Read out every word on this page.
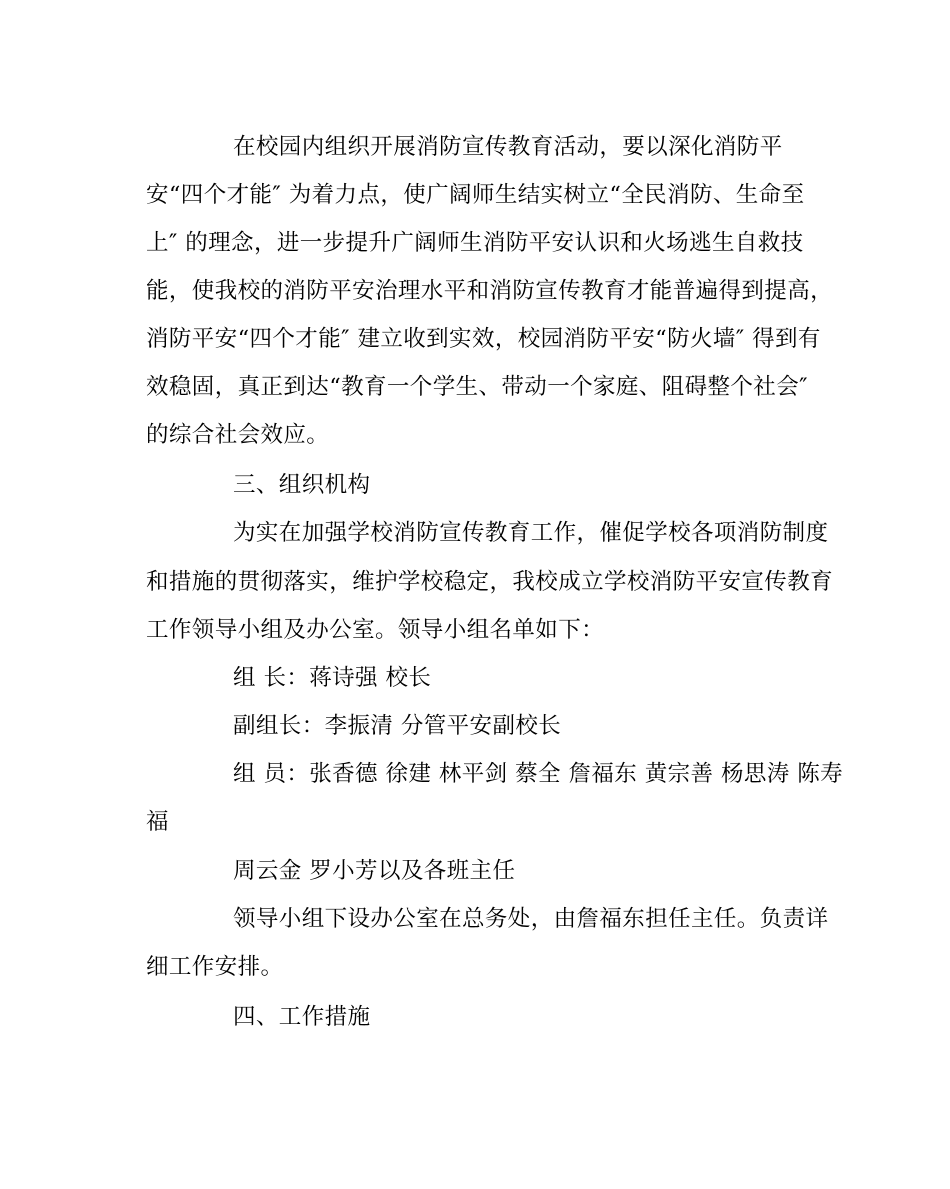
在校园内组织开展消防宣传教育活动，要以深化消防平
安“四个才能″ 为着力点，使广阔师生结实树立“全民消防、生命至
上″ 的理念，进一步提升广阔师生消防平安认识和火场逃生自救技
能，使我校的消防平安治理水平和消防宣传教育才能普遍得到提高，
消防平安“四个才能″ 建立收到实效，校园消防平安“防火墙″ 得到有
效稳固，真正到达“教育一个学生、带动一个家庭、阻碍整个社会″
的综合社会效应。
三、组织机构
为实在加强学校消防宣传教育工作，催促学校各项消防制度
和措施的贯彻落实，维护学校稳定，我校成立学校消防平安宣传教育
工作领导小组及办公室。领导小组名单如下：
组 长：蒋诗强 校长
副组长：李振清 分管平安副校长
组 员：张香德 徐建 林平剑 蔡全 詹福东 黄宗善 杨思涛 陈寿
福
周云金 罗小芳以及各班主任
领导小组下设办公室在总务处，由詹福东担任主任。负责详
细工作安排。
四、工作措施
